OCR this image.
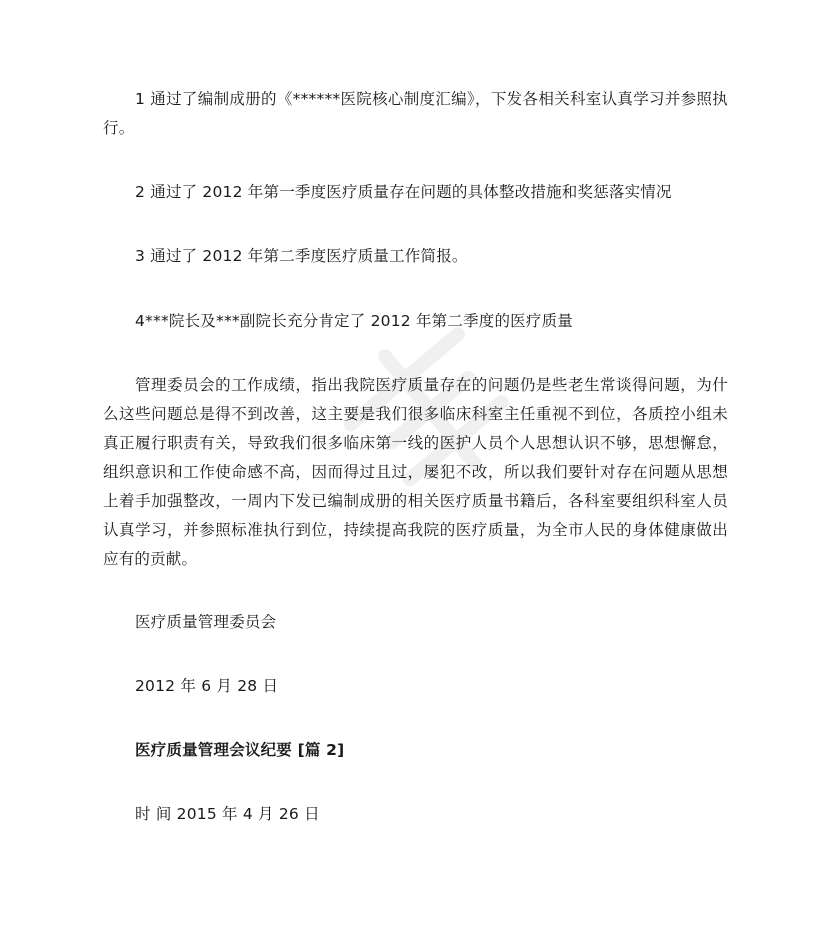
1 通过了编制成册的《******医院核心制度汇编》，下发各相关科室认真学习并参照执行。

2 通过了 2012 年第一季度医疗质量存在问题的具体整改措施和奖惩落实情况

3 通过了 2012 年第二季度医疗质量工作简报。

4***院长及***副院长充分肯定了 2012 年第二季度的医疗质量

管理委员会的工作成绩，指出我院医疗质量存在的问题仍是些老生常谈得问题，为什么这些问题总是得不到改善，这主要是我们很多临床科室主任重视不到位，各质控小组未真正履行职责有关，导致我们很多临床第一线的医护人员个人思想认识不够，思想懈怠，组织意识和工作使命感不高，因而得过且过，屡犯不改，所以我们要针对存在问题从思想上着手加强整改，一周内下发已编制成册的相关医疗质量书籍后，各科室要组织科室人员认真学习，并参照标准执行到位，持续提高我院的医疗质量，为全市人民的身体健康做出应有的贡献。

医疗质量管理委员会

2012 年 6 月 28 日

医疗质量管理会议纪要 [篇 2]

时 间 2015 年 4 月 26 日
